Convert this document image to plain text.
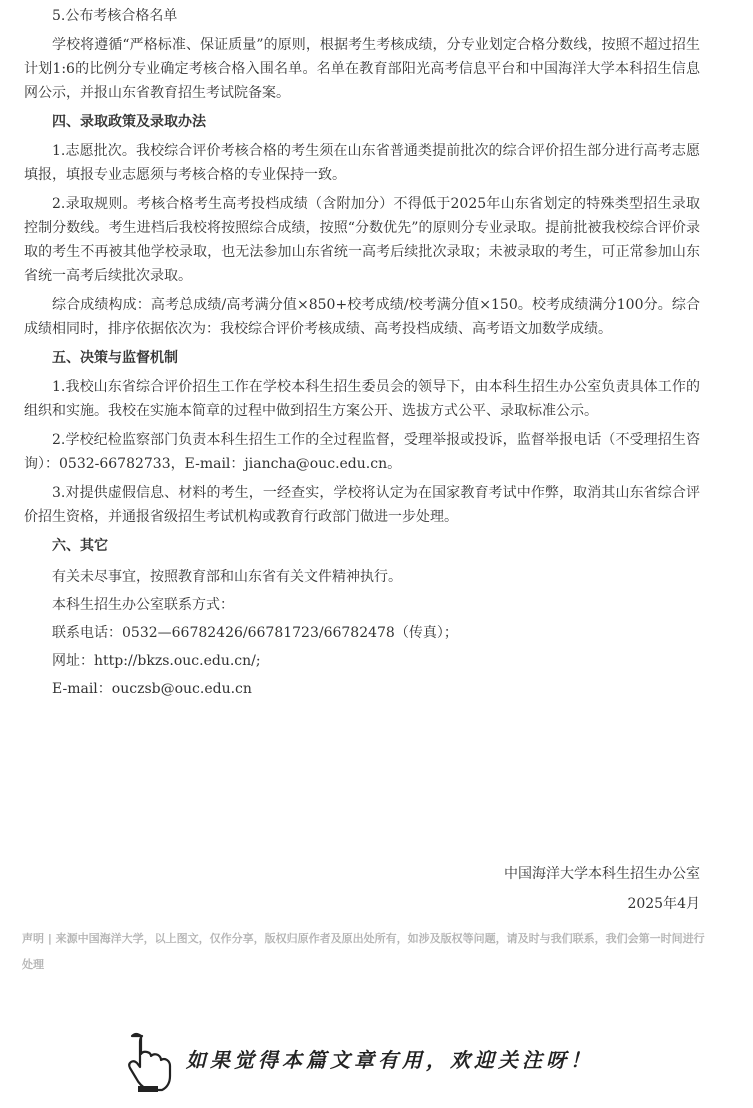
5.公布考核合格名单

学校将遵循“严格标准、保证质量”的原则，根据考生考核成绩，分专业划定合格分数线，按照不超过招生计划1:6的比例分专业确定考核合格入围名单。名单在教育部阳光高考信息平台和中国海洋大学本科招生信息网公示，并报山东省教育招生考试院备案。

四、录取政策及录取办法

1.志愿批次。我校综合评价考核合格的考生须在山东省普通类提前批次的综合评价招生部分进行高考志愿填报，填报专业志愿须与考核合格的专业保持一致。

2.录取规则。考核合格考生高考投档成绩（含附加分）不得低于2025年山东省划定的特殊类型招生录取控制分数线。考生进档后我校将按照综合成绩，按照“分数优先”的原则分专业录取。提前批被我校综合评价录取的考生不再被其他学校录取，也无法参加山东省统一高考后续批次录取；未被录取的考生，可正常参加山东省统一高考后续批次录取。

综合成绩构成：高考总成绩/高考满分值×850+校考成绩/校考满分值×150。校考成绩满分100分。综合成绩相同时，排序依据依次为：我校综合评价考核成绩、高考投档成绩、高考语文加数学成绩。

五、决策与监督机制

1.我校山东省综合评价招生工作在学校本科生招生委员会的领导下，由本科生招生办公室负责具体工作的组织和实施。我校在实施本简章的过程中做到招生方案公开、选拔方式公平、录取标准公示。

2.学校纪检监察部门负责本科生招生工作的全过程监督，受理举报或投诉，监督举报电话（不受理招生咨询）：0532-66782733，E-mail：jiancha@ouc.edu.cn。

3.对提供虚假信息、材料的考生，一经查实，学校将认定为在国家教育考试中作弊，取消其山东省综合评价招生资格，并通报省级招生考试机构或教育行政部门做进一步处理。

六、其它

有关未尽事宜，按照教育部和山东省有关文件精神执行。

本科生招生办公室联系方式：

联系电话：0532—66782426/66781723/66782478（传真）；

网址：http://bkzs.ouc.edu.cn/;

E-mail：ouczsb@ouc.edu.cn

中国海洋大学本科生招生办公室
2025年4月
声明 | 来源中国海洋大学，以上图文，仅作分享，版权归原作者及原出处所有，如涉及版权等问题，请及时与我们联系，我们会第一时间进行处理
如果觉得本篇文章有用，欢迎关注呀！
